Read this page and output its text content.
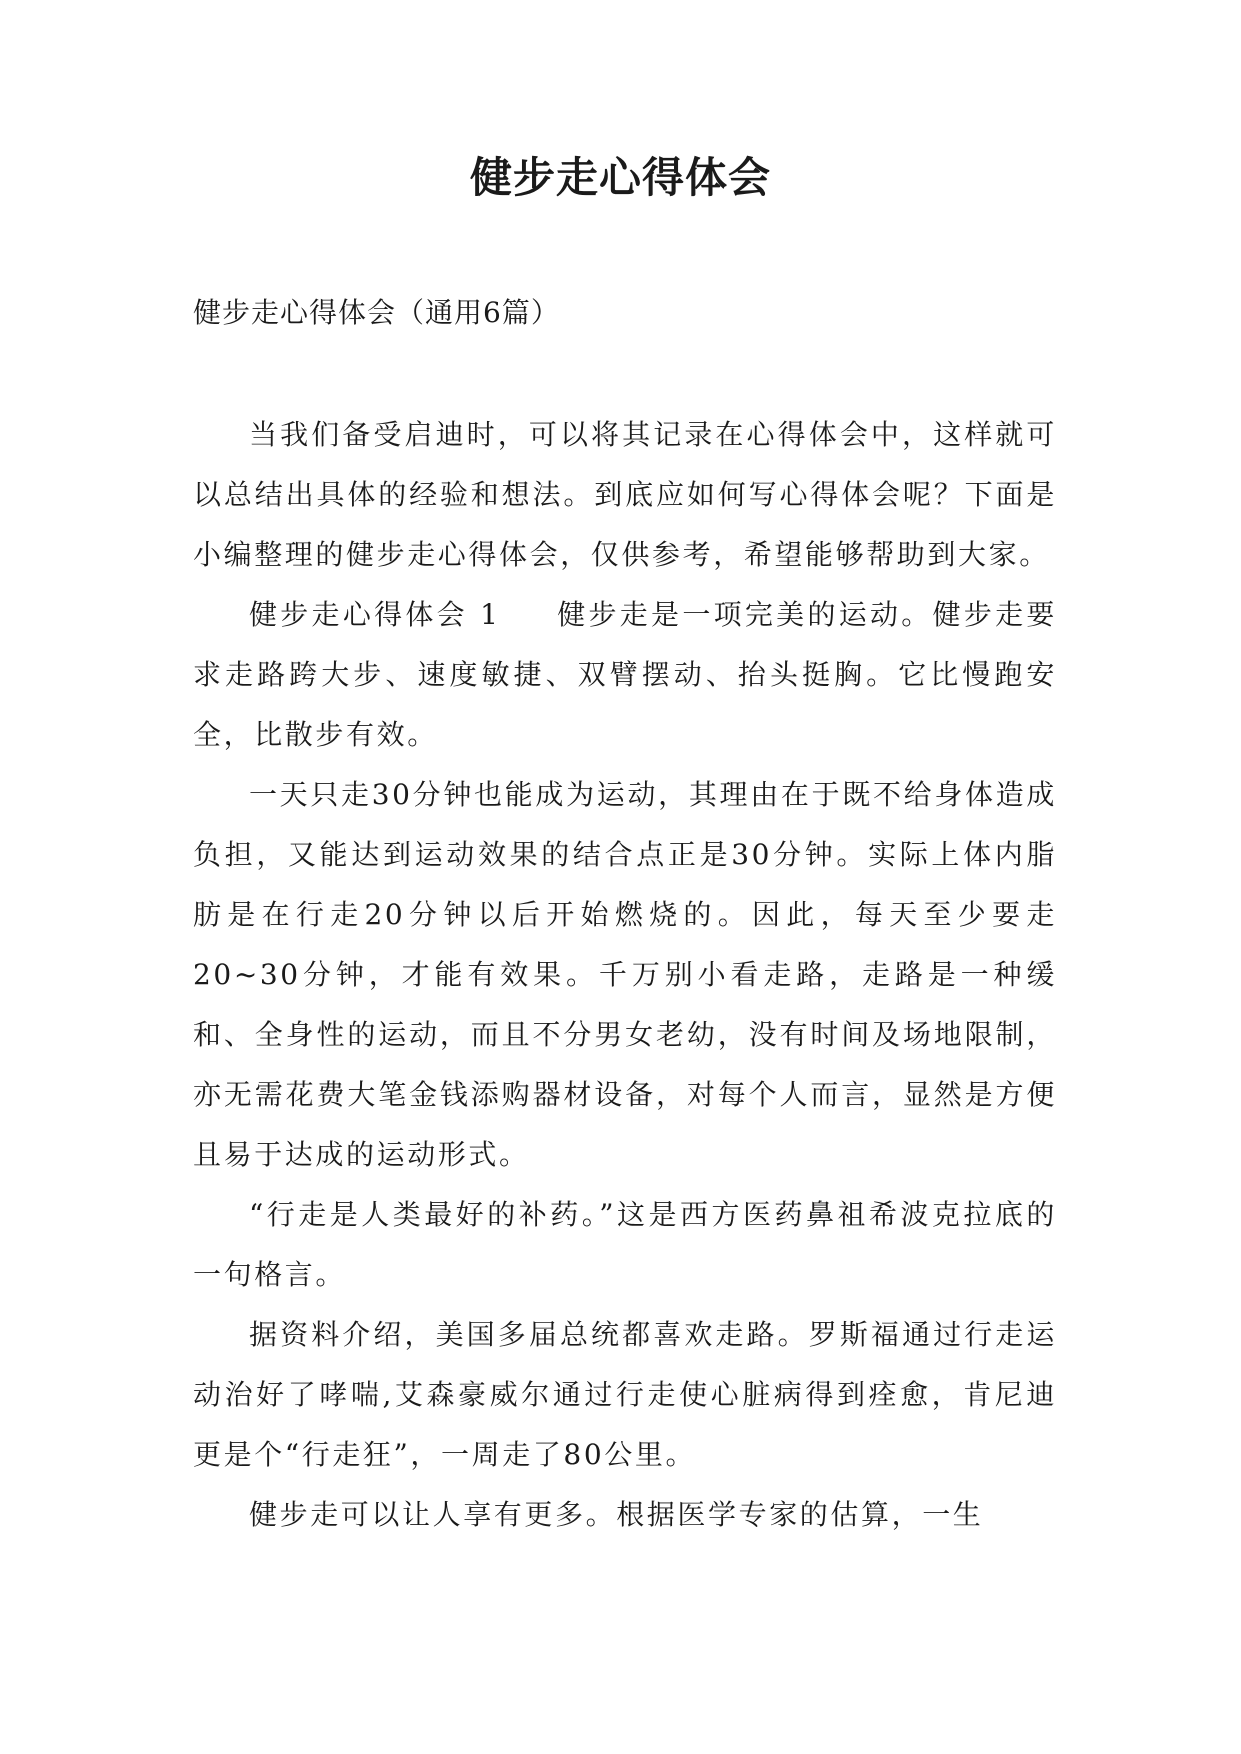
健步走心得体会

健步走心得体会（通用6篇）

当我们备受启迪时，可以将其记录在心得体会中，这样就可以总结出具体的经验和想法。到底应如何写心得体会呢？下面是小编整理的健步走心得体会，仅供参考，希望能够帮助到大家。

健步走心得体会 1 健步走是一项完美的运动。健步走要求走路跨大步、速度敏捷、双臂摆动、抬头挺胸。它比慢跑安全，比散步有效。

一天只走30分钟也能成为运动，其理由在于既不给身体造成负担，又能达到运动效果的结合点正是30分钟。实际上体内脂肪是在行走20分钟以后开始燃烧的。因此，每天至少要走20~30分钟，才能有效果。千万别小看走路，走路是一种缓和、全身性的运动，而且不分男女老幼，没有时间及场地限制，亦无需花费大笔金钱添购器材设备，对每个人而言，显然是方便且易于达成的运动形式。

“行走是人类最好的补药。”这是西方医药鼻祖希波克拉底的一句格言。

据资料介绍，美国多届总统都喜欢走路。罗斯福通过行走运动治好了哮喘,艾森豪威尔通过行走使心脏病得到痊愈，肯尼迪更是个“行走狂”，一周走了80公里。

健步走可以让人享有更多。根据医学专家的估算，一生
